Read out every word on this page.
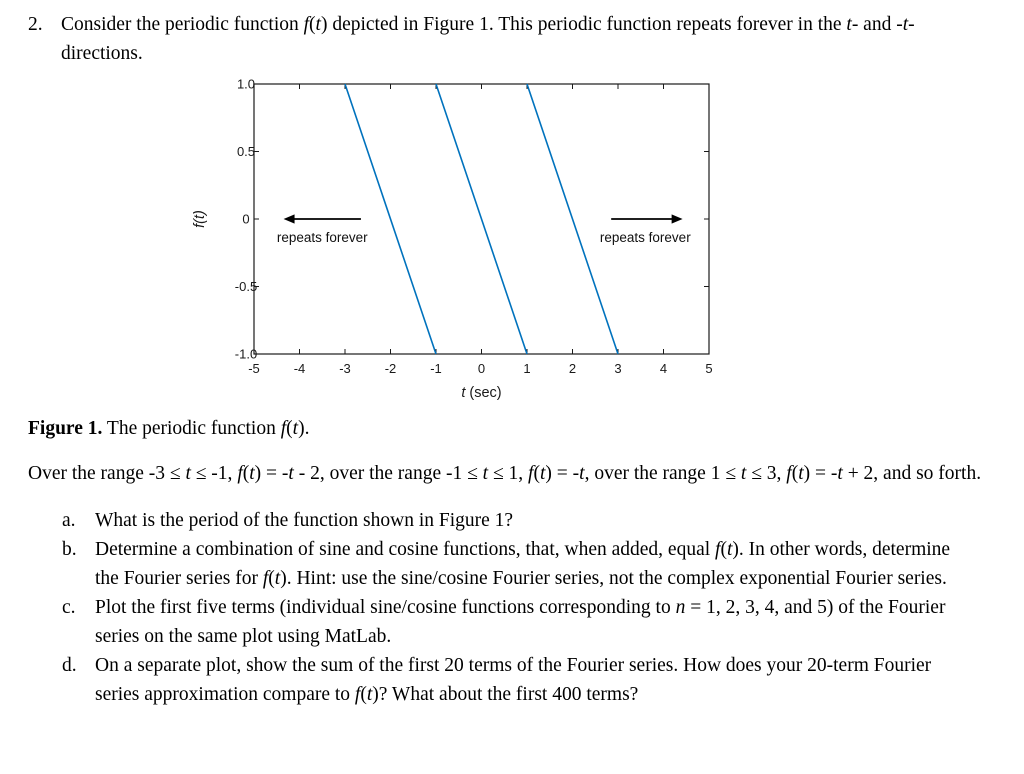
2. Consider the periodic function f(t) depicted in Figure 1. This periodic function repeats forever in the t- and -t-directions.
-5	-4	-3	-2	-1	0	1	2	3	4	5
1.0
0.5
0
-0.5
-1.0
repeats forever	repeats forever
t (sec)
f(t)
Figure 1. The periodic function f(t).
Over the range -3 ≤ t ≤ -1, f(t) = -t - 2, over the range -1 ≤ t ≤ 1, f(t) = -t, over the range 1 ≤ t ≤ 3, f(t) = -t + 2, and so forth.
a. What is the period of the function shown in Figure 1?
b. Determine a combination of sine and cosine functions, that, when added, equal f(t). In other words, determine the Fourier series for f(t). Hint: use the sine/cosine Fourier series, not the complex exponential Fourier series.
c. Plot the first five terms (individual sine/cosine functions corresponding to n = 1, 2, 3, 4, and 5) of the Fourier series on the same plot using MatLab.
d. On a separate plot, show the sum of the first 20 terms of the Fourier series. How does your 20-term Fourier series approximation compare to f(t)? What about the first 400 terms?
